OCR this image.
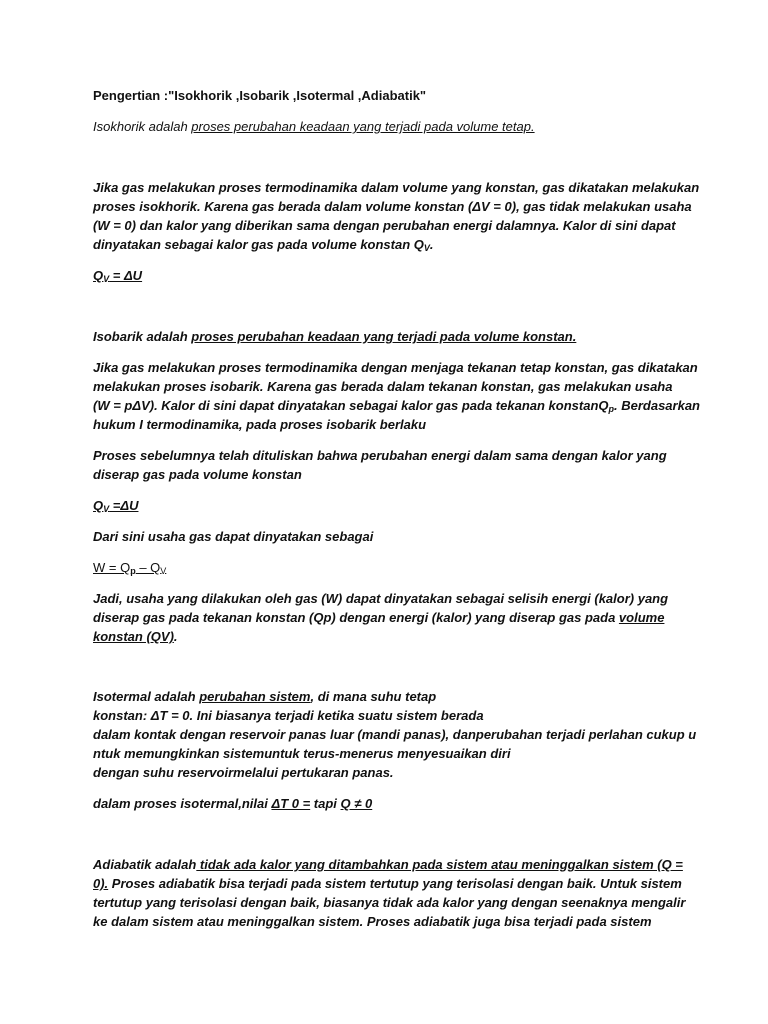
Pengertian :"Isokhorik ,Isobarik ,Isotermal ,Adiabatik"
Isokhorik adalah proses perubahan keadaan yang terjadi pada volume tetap.
Jika gas melakukan proses termodinamika dalam volume yang konstan, gas dikatakan melakukan
proses isokhorik. Karena gas berada dalam volume konstan (ΔV = 0), gas tidak melakukan usaha
(W = 0) dan kalor yang diberikan sama dengan perubahan energi dalamnya. Kalor di sini dapat
dinyatakan sebagai kalor gas pada volume konstan $Q_V$.
$Q_V = \Delta U$
Isobarik adalah proses perubahan keadaan yang terjadi pada volume konstan.
Jika gas melakukan proses termodinamika dengan menjaga tekanan tetap konstan, gas dikatakan
melakukan proses isobarik. Karena gas berada dalam tekanan konstan, gas melakukan usaha
(W = pΔV). Kalor di sini dapat dinyatakan sebagai kalor gas pada tekanan konstanQ$_p$. Berdasarkan
hukum I termodinamika, pada proses isobarik berlaku
Proses sebelumnya telah dituliskan bahwa perubahan energi dalam sama dengan kalor yang
diserap gas pada volume konstan
$Q_V =\Delta U$
Dari sini usaha gas dapat dinyatakan sebagai
$W = Q_p - Q_V$
Jadi, usaha yang dilakukan oleh gas (W) dapat dinyatakan sebagai selisih energi (kalor) yang
diserap gas pada tekanan konstan (Qp) dengan energi (kalor) yang diserap gas pada volume
konstan (QV).
Isotermal adalah perubahan sistem, di mana suhu tetap
konstan: ΔT = 0. Ini biasanya terjadi ketika suatu sistem berada
dalam kontak dengan reservoir panas luar (mandi panas), danperubahan terjadi perlahan cukup u
ntuk memungkinkan sistemuntuk terus-menerus menyesuaikan diri
dengan suhu reservoirmelalui pertukaran panas.
dalam proses isotermal,nilai ΔT 0 = tapi Q ≠ 0
Adiabatik adalah tidak ada kalor yang ditambahkan pada sistem atau meninggalkan sistem (Q =
0). Proses adiabatik bisa terjadi pada sistem tertutup yang terisolasi dengan baik. Untuk sistem
tertutup yang terisolasi dengan baik, biasanya tidak ada kalor yang dengan seenaknya mengalir
ke dalam sistem atau meninggalkan sistem. Proses adiabatik juga bisa terjadi pada sistem
